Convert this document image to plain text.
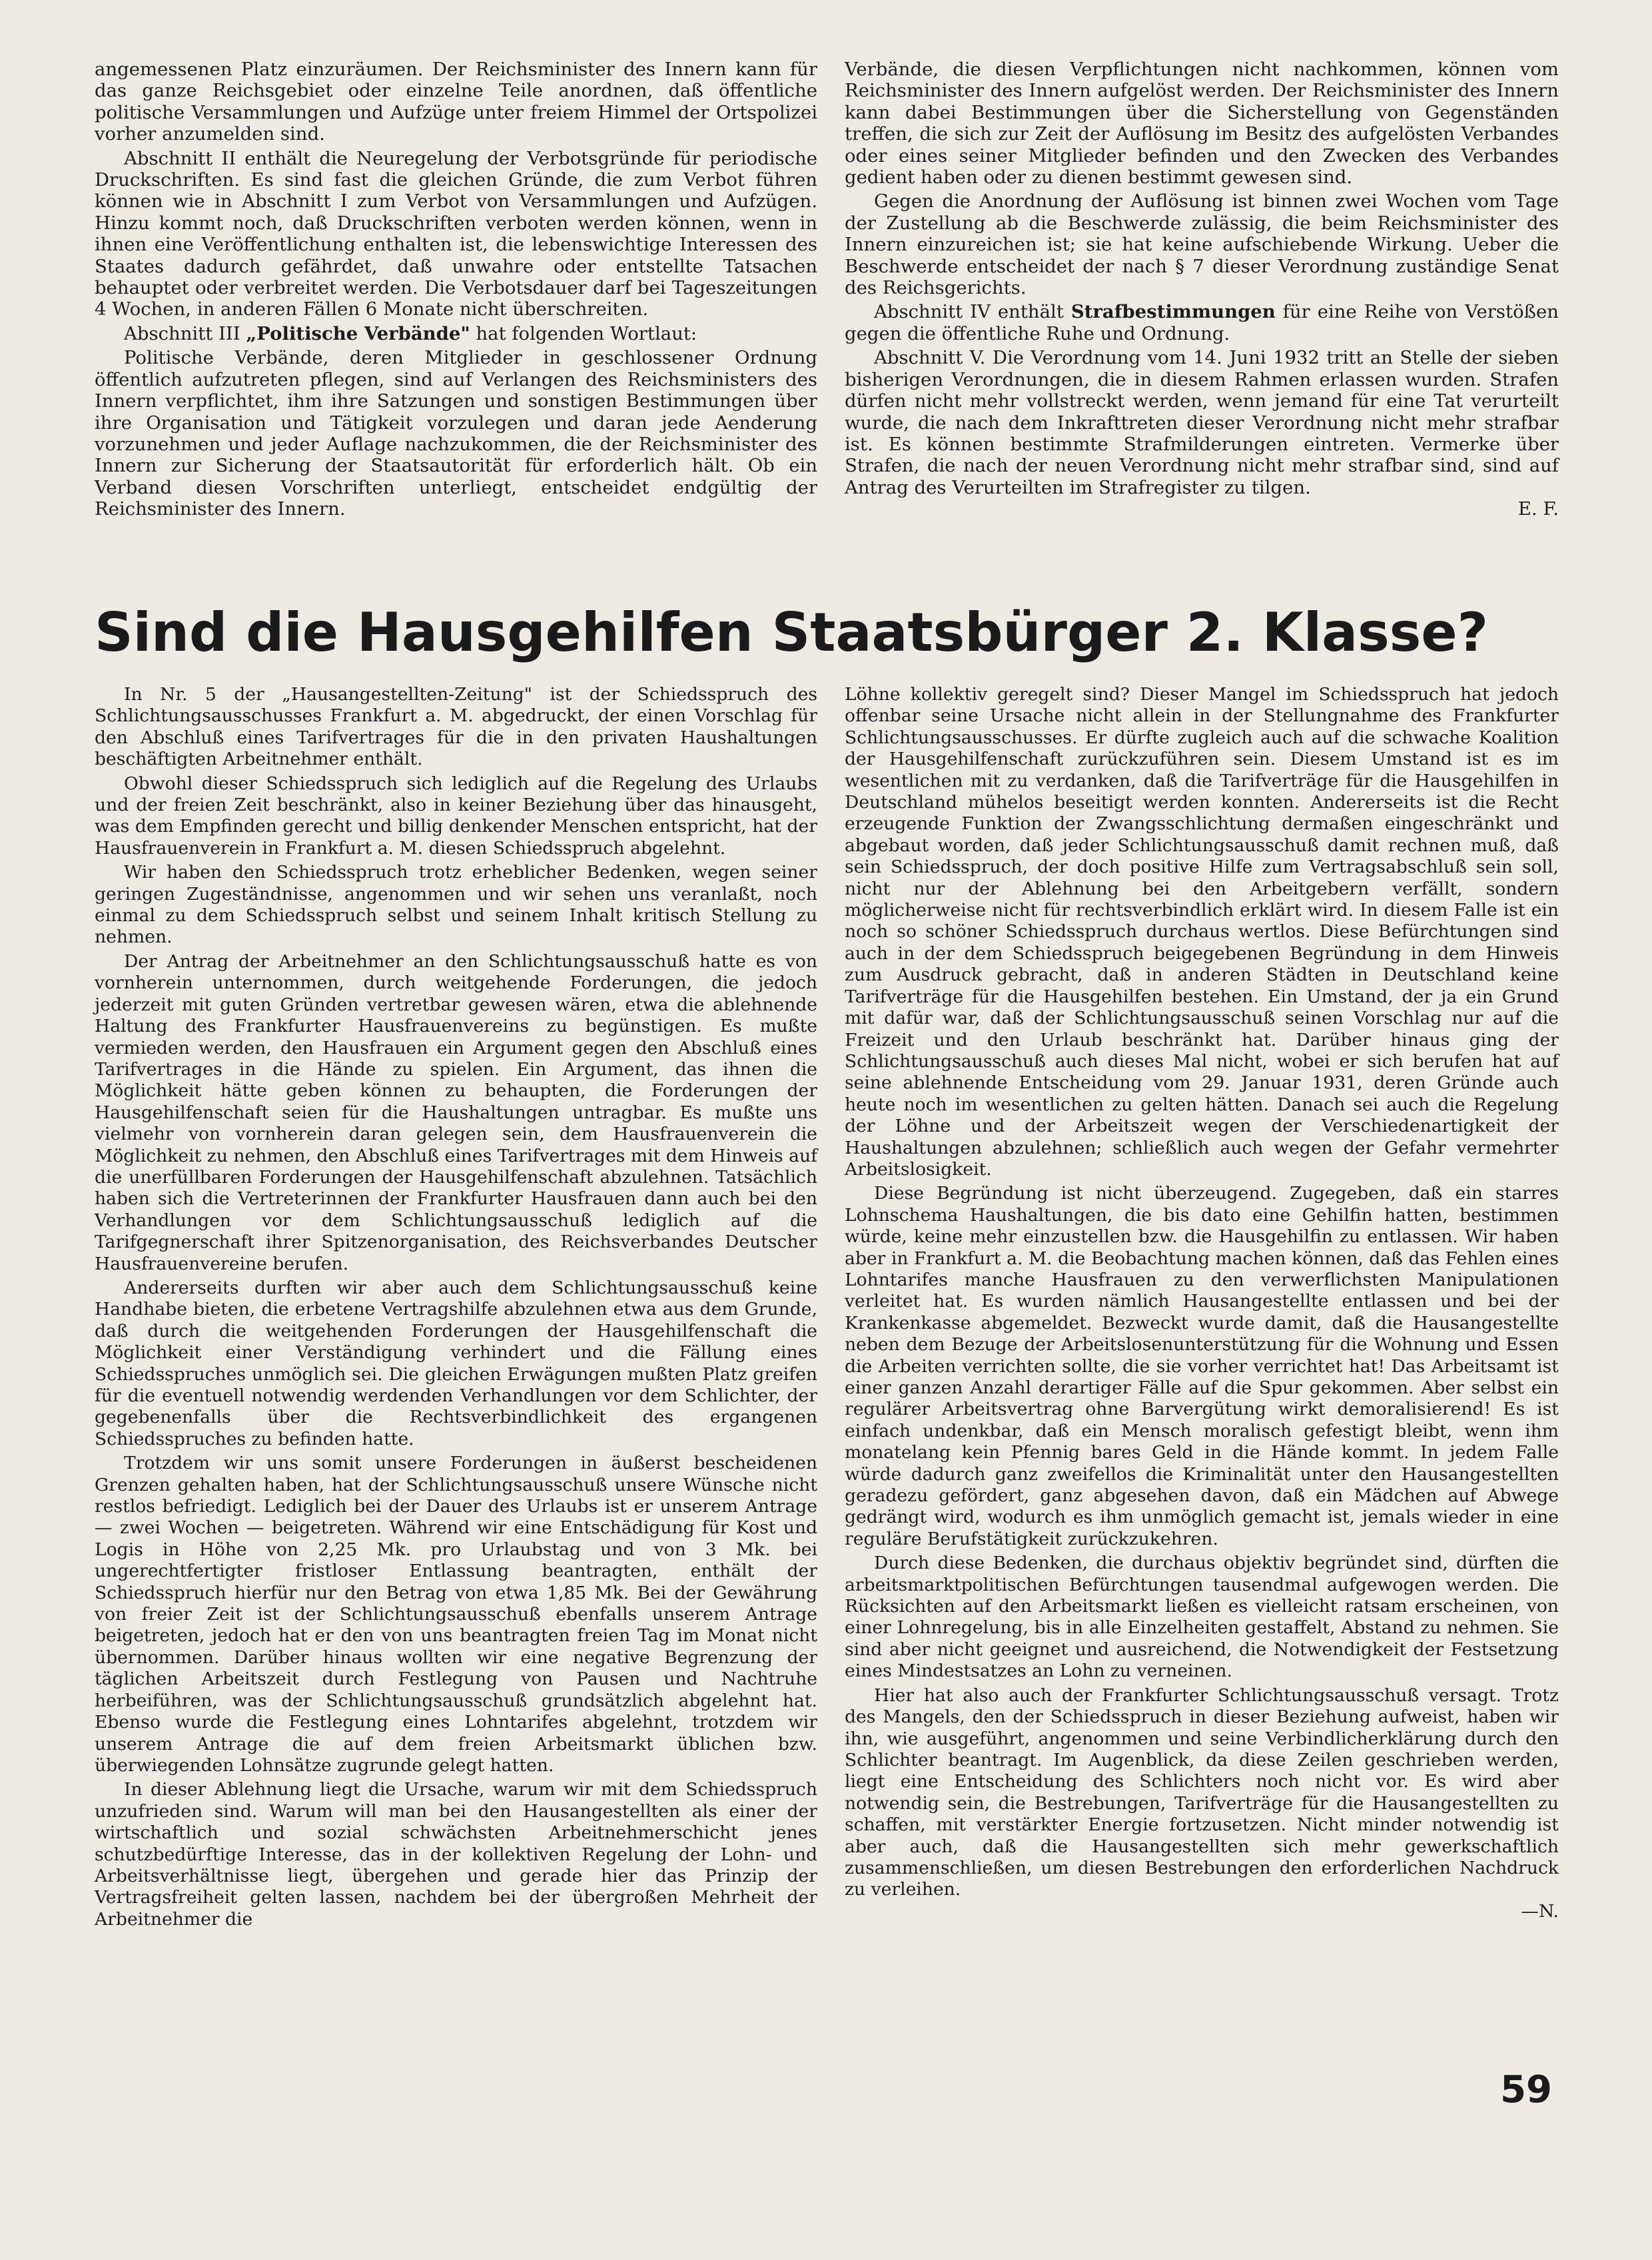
angemessenen Platz einzuräumen. Der Reichsminister des Innern kann für das ganze Reichsgebiet oder einzelne Teile anordnen, daß öffentliche politische Versammlungen und Aufzüge unter freiem Himmel der Ortspolizei vorher anzumelden sind.

Abschnitt II enthält die Neuregelung der Verbotsgründe für periodische Druckschriften. Es sind fast die gleichen Gründe, die zum Verbot führen können wie in Abschnitt I zum Verbot von Versammlungen und Aufzügen. Hinzu kommt noch, daß Druckschriften verboten werden können, wenn in ihnen eine Veröffentlichung enthalten ist, die lebenswichtige Interessen des Staates dadurch gefährdet, daß unwahre oder entstellte Tatsachen behauptet oder verbreitet werden. Die Verbotsdauer darf bei Tageszeitungen 4 Wochen, in anderen Fällen 6 Monate nicht überschreiten.

Abschnitt III „Politische Verbände" hat folgenden Wortlaut:

Politische Verbände, deren Mitglieder in geschlossener Ordnung öffentlich aufzutreten pflegen, sind auf Verlangen des Reichsministers des Innern verpflichtet, ihm ihre Satzungen und sonstigen Bestimmungen über ihre Organisation und Tätigkeit vorzulegen und daran jede Aenderung vorzunehmen und jeder Auflage nachzukommen, die der Reichsminister des Innern zur Sicherung der Staatsautorität für erforderlich hält. Ob ein Verband diesen Vorschriften unterliegt, entscheidet endgültig der Reichsminister des Innern.

Verbände, die diesen Verpflichtungen nicht nachkommen, können vom Reichsminister des Innern aufgelöst werden. Der Reichsminister des Innern kann dabei Bestimmungen über die Sicherstellung von Gegenständen treffen, die sich zur Zeit der Auflösung im Besitz des aufgelösten Verbandes oder eines seiner Mitglieder befinden und den Zwecken des Verbandes gedient haben oder zu dienen bestimmt gewesen sind.

Gegen die Anordnung der Auflösung ist binnen zwei Wochen vom Tage der Zustellung ab die Beschwerde zulässig, die beim Reichsminister des Innern einzureichen ist; sie hat keine aufschiebende Wirkung. Ueber die Beschwerde entscheidet der nach § 7 dieser Verordnung zuständige Senat des Reichsgerichts.

Abschnitt IV enthält Strafbestimmungen für eine Reihe von Verstößen gegen die öffentliche Ruhe und Ordnung.

Abschnitt V. Die Verordnung vom 14. Juni 1932 tritt an Stelle der sieben bisherigen Verordnungen, die in diesem Rahmen erlassen wurden. Strafen dürfen nicht mehr vollstreckt werden, wenn jemand für eine Tat verurteilt wurde, die nach dem Inkrafttreten dieser Verordnung nicht mehr strafbar ist. Es können bestimmte Strafmilderungen eintreten. Vermerke über Strafen, die nach der neuen Verordnung nicht mehr strafbar sind, sind auf Antrag des Verurteilten im Strafregister zu tilgen.
E. F.

Sind die Hausgehilfen Staatsbürger 2. Klasse?

In Nr. 5 der „Hausangestellten-Zeitung" ist der Schiedsspruch des Schlichtungsausschusses Frankfurt a. M. abgedruckt, der einen Vorschlag für den Abschluß eines Tarifvertrages für die in den privaten Haushaltungen beschäftigten Arbeitnehmer enthält.

Obwohl dieser Schiedsspruch sich lediglich auf die Regelung des Urlaubs und der freien Zeit beschränkt, also in keiner Beziehung über das hinausgeht, was dem Empfinden gerecht und billig denkender Menschen entspricht, hat der Hausfrauenverein in Frankfurt a. M. diesen Schiedsspruch abgelehnt.

Wir haben den Schiedsspruch trotz erheblicher Bedenken, wegen seiner geringen Zugeständnisse, angenommen und wir sehen uns veranlaßt, noch einmal zu dem Schiedsspruch selbst und seinem Inhalt kritisch Stellung zu nehmen.

Der Antrag der Arbeitnehmer an den Schlichtungsausschuß hatte es von vornherein unternommen, durch weitgehende Forderungen, die jedoch jederzeit mit guten Gründen vertretbar gewesen wären, etwa die ablehnende Haltung des Frankfurter Hausfrauenvereins zu begünstigen. Es mußte vermieden werden, den Hausfrauen ein Argument gegen den Abschluß eines Tarifvertrages in die Hände zu spielen. Ein Argument, das ihnen die Möglichkeit hätte geben können zu behaupten, die Forderungen der Hausgehilfenschaft seien für die Haushaltungen untragbar. Es mußte uns vielmehr von vornherein daran gelegen sein, dem Hausfrauenverein die Möglichkeit zu nehmen, den Abschluß eines Tarifvertrages mit dem Hinweis auf die unerfüllbaren Forderungen der Hausgehilfenschaft abzulehnen. Tatsächlich haben sich die Vertreterinnen der Frankfurter Hausfrauen dann auch bei den Verhandlungen vor dem Schlichtungsausschuß lediglich auf die Tarifgegnerschaft ihrer Spitzenorganisation, des Reichsverbandes Deutscher Hausfrauenvereine berufen.

Andererseits durften wir aber auch dem Schlichtungsausschuß keine Handhabe bieten, die erbetene Vertragshilfe abzulehnen etwa aus dem Grunde, daß durch die weitgehenden Forderungen der Hausgehilfenschaft die Möglichkeit einer Verständigung verhindert und die Fällung eines Schiedsspruches unmöglich sei. Die gleichen Erwägungen mußten Platz greifen für die eventuell notwendig werdenden Verhandlungen vor dem Schlichter, der gegebenenfalls über die Rechtsverbindlichkeit des ergangenen Schiedsspruches zu befinden hatte.

Trotzdem wir uns somit unsere Forderungen in äußerst bescheidenen Grenzen gehalten haben, hat der Schlichtungsausschuß unsere Wünsche nicht restlos befriedigt. Lediglich bei der Dauer des Urlaubs ist er unserem Antrage — zwei Wochen — beigetreten. Während wir eine Entschädigung für Kost und Logis in Höhe von 2,25 Mk. pro Urlaubstag und von 3 Mk. bei ungerechtfertigter fristloser Entlassung beantragten, enthält der Schiedsspruch hierfür nur den Betrag von etwa 1,85 Mk. Bei der Gewährung von freier Zeit ist der Schlichtungsausschuß ebenfalls unserem Antrage beigetreten, jedoch hat er den von uns beantragten freien Tag im Monat nicht übernommen. Darüber hinaus wollten wir eine negative Begrenzung der täglichen Arbeitszeit durch Festlegung von Pausen und Nachtruhe herbeiführen, was der Schlichtungsausschuß grundsätzlich abgelehnt hat. Ebenso wurde die Festlegung eines Lohntarifes abgelehnt, trotzdem wir unserem Antrage die auf dem freien Arbeitsmarkt üblichen bzw. überwiegenden Lohnsätze zugrunde gelegt hatten.

In dieser Ablehnung liegt die Ursache, warum wir mit dem Schiedsspruch unzufrieden sind. Warum will man bei den Hausangestellten als einer der wirtschaftlich und sozial schwächsten Arbeitnehmerschicht jenes schutzbedürftige Interesse, das in der kollektiven Regelung der Lohn- und Arbeitsverhältnisse liegt, übergehen und gerade hier das Prinzip der Vertragsfreiheit gelten lassen, nachdem bei der übergroßen Mehrheit der Arbeitnehmer die

Löhne kollektiv geregelt sind? Dieser Mangel im Schiedsspruch hat jedoch offenbar seine Ursache nicht allein in der Stellungnahme des Frankfurter Schlichtungsausschusses. Er dürfte zugleich auch auf die schwache Koalition der Hausgehilfenschaft zurückzuführen sein. Diesem Umstand ist es im wesentlichen mit zu verdanken, daß die Tarifverträge für die Hausgehilfen in Deutschland mühelos beseitigt werden konnten. Andererseits ist die Recht erzeugende Funktion der Zwangsschlichtung dermaßen eingeschränkt und abgebaut worden, daß jeder Schlichtungsausschuß damit rechnen muß, daß sein Schiedsspruch, der doch positive Hilfe zum Vertragsabschluß sein soll, nicht nur der Ablehnung bei den Arbeitgebern verfällt, sondern möglicherweise nicht für rechtsverbindlich erklärt wird. In diesem Falle ist ein noch so schöner Schiedsspruch durchaus wertlos. Diese Befürchtungen sind auch in der dem Schiedsspruch beigegebenen Begründung in dem Hinweis zum Ausdruck gebracht, daß in anderen Städten in Deutschland keine Tarifverträge für die Hausgehilfen bestehen. Ein Umstand, der ja ein Grund mit dafür war, daß der Schlichtungsausschuß seinen Vorschlag nur auf die Freizeit und den Urlaub beschränkt hat. Darüber hinaus ging der Schlichtungsausschuß auch dieses Mal nicht, wobei er sich berufen hat auf seine ablehnende Entscheidung vom 29. Januar 1931, deren Gründe auch heute noch im wesentlichen zu gelten hätten. Danach sei auch die Regelung der Löhne und der Arbeitszeit wegen der Verschiedenartigkeit der Haushaltungen abzulehnen; schließlich auch wegen der Gefahr vermehrter Arbeitslosigkeit.

Diese Begründung ist nicht überzeugend. Zugegeben, daß ein starres Lohnschema Haushaltungen, die bis dato eine Gehilfin hatten, bestimmen würde, keine mehr einzustellen bzw. die Hausgehilfin zu entlassen. Wir haben aber in Frankfurt a. M. die Beobachtung machen können, daß das Fehlen eines Lohntarifes manche Hausfrauen zu den verwerflichsten Manipulationen verleitet hat. Es wurden nämlich Hausangestellte entlassen und bei der Krankenkasse abgemeldet. Bezweckt wurde damit, daß die Hausangestellte neben dem Bezuge der Arbeitslosenunterstützung für die Wohnung und Essen die Arbeiten verrichten sollte, die sie vorher verrichtet hat! Das Arbeitsamt ist einer ganzen Anzahl derartiger Fälle auf die Spur gekommen. Aber selbst ein regulärer Arbeitsvertrag ohne Barvergütung wirkt demoralisierend! Es ist einfach undenkbar, daß ein Mensch moralisch gefestigt bleibt, wenn ihm monatelang kein Pfennig bares Geld in die Hände kommt. In jedem Falle würde dadurch ganz zweifellos die Kriminalität unter den Hausangestellten geradezu gefördert, ganz abgesehen davon, daß ein Mädchen auf Abwege gedrängt wird, wodurch es ihm unmöglich gemacht ist, jemals wieder in eine reguläre Berufstätigkeit zurückzukehren.

Durch diese Bedenken, die durchaus objektiv begründet sind, dürften die arbeitsmarktpolitischen Befürchtungen tausendmal aufgewogen werden. Die Rücksichten auf den Arbeitsmarkt ließen es vielleicht ratsam erscheinen, von einer Lohnregelung, bis in alle Einzelheiten gestaffelt, Abstand zu nehmen. Sie sind aber nicht geeignet und ausreichend, die Notwendigkeit der Festsetzung eines Mindestsatzes an Lohn zu verneinen.

Hier hat also auch der Frankfurter Schlichtungsausschuß versagt. Trotz des Mangels, den der Schiedsspruch in dieser Beziehung aufweist, haben wir ihn, wie ausgeführt, angenommen und seine Verbindlicherklärung durch den Schlichter beantragt. Im Augenblick, da diese Zeilen geschrieben werden, liegt eine Entscheidung des Schlichters noch nicht vor. Es wird aber notwendig sein, die Bestrebungen, Tarifverträge für die Hausangestellten zu schaffen, mit verstärkter Energie fortzusetzen. Nicht minder notwendig ist aber auch, daß die Hausangestellten sich mehr gewerkschaftlich zusammenschließen, um diesen Bestrebungen den erforderlichen Nachdruck zu verleihen.
—N.

59
